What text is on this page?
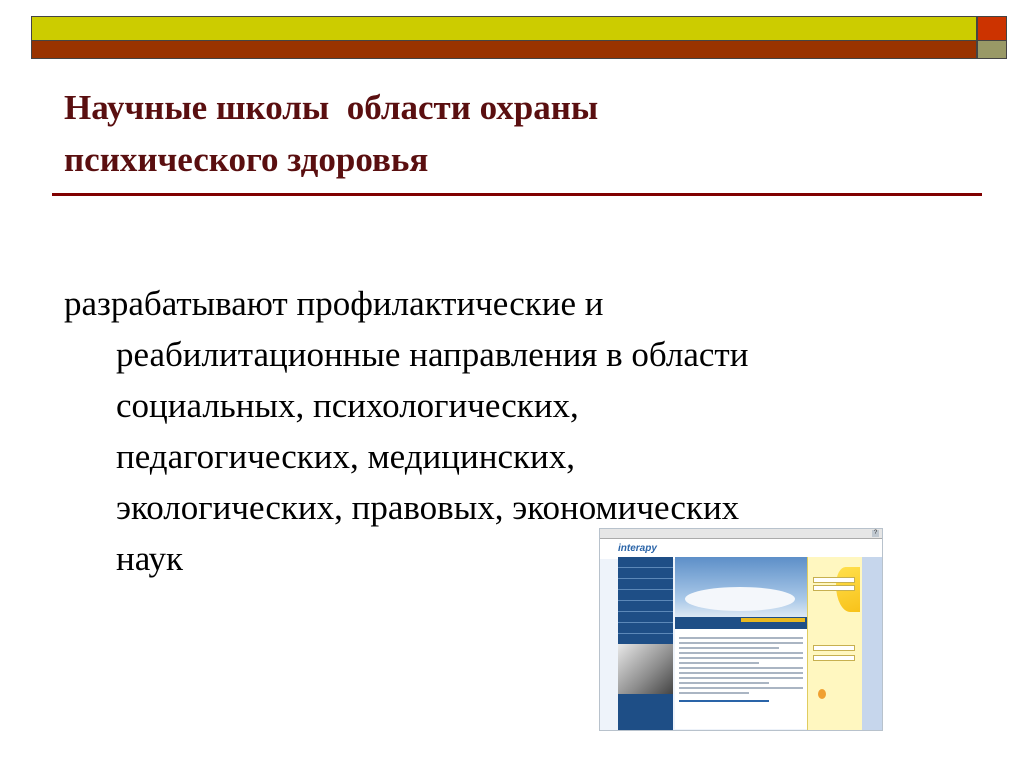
Научные школы  области охраны
психического здоровья
разрабатывают профилактические и
реабилитационные направления в области
социальных, психологических,
педагогических, медицинских,
экологических, правовых, экономических
наук
?
interapy
